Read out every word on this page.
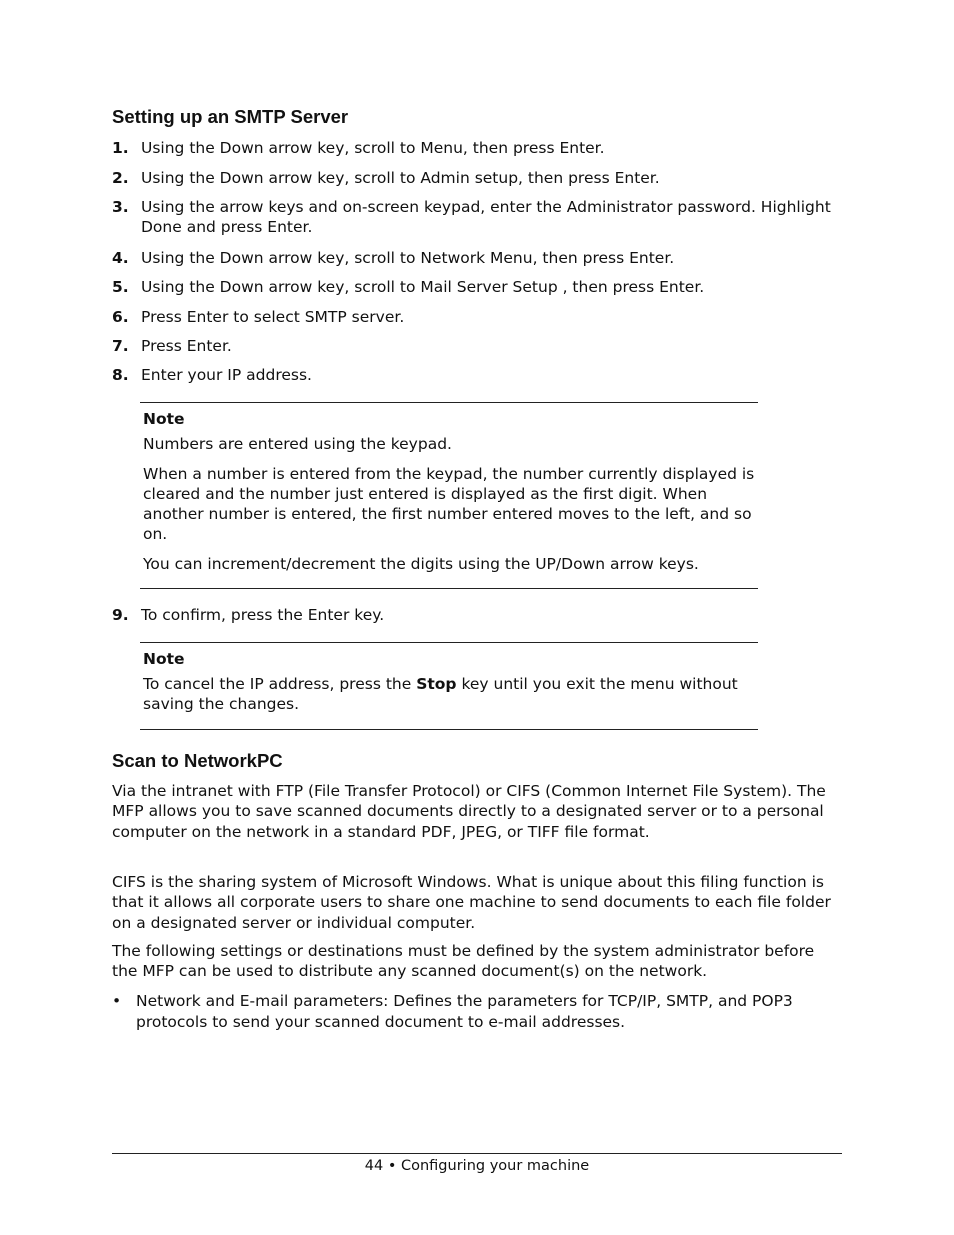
Setting up an SMTP Server
1. Using the Down arrow key, scroll to Menu, then press Enter.
2. Using the Down arrow key, scroll to Admin setup, then press Enter.
3. Using the arrow keys and on-screen keypad, enter the Administrator password. Highlight Done and press Enter.
4. Using the Down arrow key, scroll to Network Menu, then press Enter.
5. Using the Down arrow key, scroll to Mail Server Setup , then press Enter.
6. Press Enter to select SMTP server.
7. Press Enter.
8. Enter your IP address.
Note
Numbers are entered using the keypad.
When a number is entered from the keypad, the number currently displayed is cleared and the number just entered is displayed as the first digit. When another number is entered, the first number entered moves to the left, and so on.
You can increment/decrement the digits using the UP/Down arrow keys.
9. To confirm, press the Enter key.
Note
To cancel the IP address, press the Stop key until you exit the menu without saving the changes.
Scan to NetworkPC
Via the intranet with FTP (File Transfer Protocol) or CIFS (Common Internet File System). The MFP allows you to save scanned documents directly to a designated server or to a personal computer on the network in a standard PDF, JPEG, or TIFF file format.
CIFS is the sharing system of Microsoft Windows. What is unique about this filing function is that it allows all corporate users to share one machine to send documents to each file folder on a designated server or individual computer.
The following settings or destinations must be defined by the system administrator before the MFP can be used to distribute any scanned document(s) on the network.
• Network and E-mail parameters: Defines the parameters for TCP/IP, SMTP, and POP3 protocols to send your scanned document to e-mail addresses.
44 • Configuring your machine
